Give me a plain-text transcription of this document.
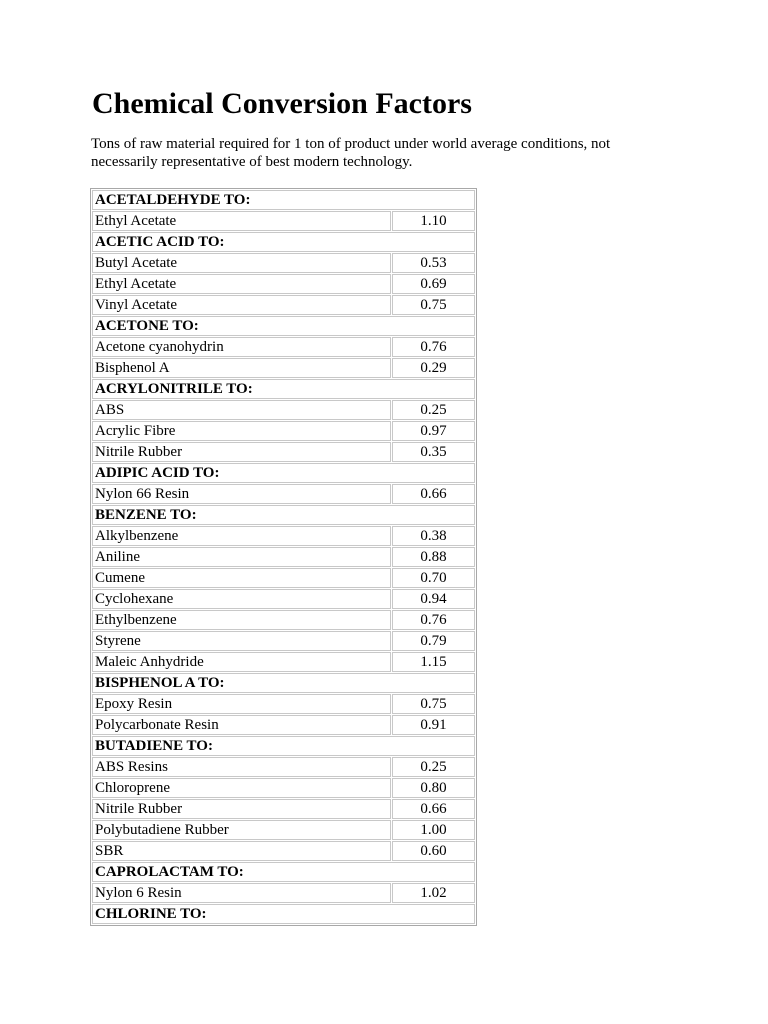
Chemical Conversion Factors

Tons of raw material required for 1 ton of product under world average conditions, not necessarily representative of best modern technology.

ACETALDEHYDE TO:	
Ethyl Acetate	1.10
ACETIC ACID TO:	
Butyl Acetate	0.53
Ethyl Acetate	0.69
Vinyl Acetate	0.75
ACETONE TO:	
Acetone cyanohydrin	0.76
Bisphenol A	0.29
ACRYLONITRILE TO:	
ABS	0.25
Acrylic Fibre	0.97
Nitrile Rubber	0.35
ADIPIC ACID TO:	
Nylon 66 Resin	0.66
BENZENE TO:	
Alkylbenzene	0.38
Aniline	0.88
Cumene	0.70
Cyclohexane	0.94
Ethylbenzene	0.76
Styrene	0.79
Maleic Anhydride	1.15
BISPHENOL A TO:	
Epoxy Resin	0.75
Polycarbonate Resin	0.91
BUTADIENE TO:	
ABS Resins	0.25
Chloroprene	0.80
Nitrile Rubber	0.66
Polybutadiene Rubber	1.00
SBR	0.60
CAPROLACTAM TO:	
Nylon 6 Resin	1.02
CHLORINE TO:	
